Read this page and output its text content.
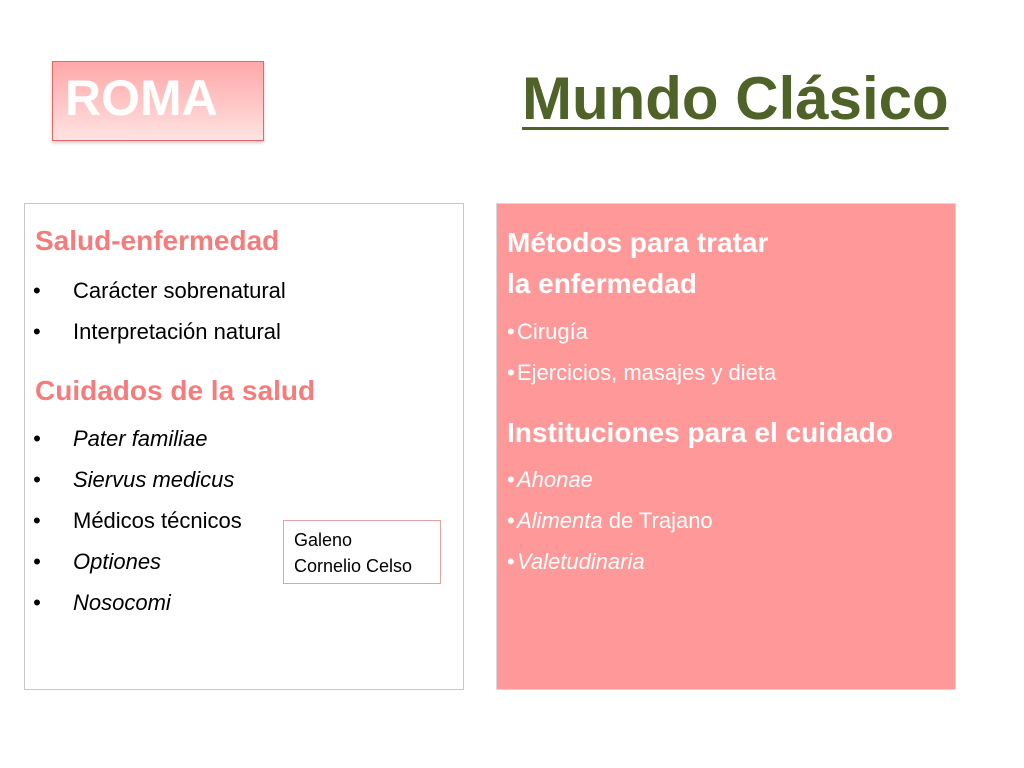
ROMA	Mundo Clásico
Salud-enfermedad
• Carácter sobrenatural
• Interpretación natural
Cuidados de la salud
• Pater familiae
• Siervus medicus
• Médicos técnicos
• Optiones
• Nosocomi
Galeno
Cornelio Celso
Métodos para tratar
la enfermedad
• Cirugía
• Ejercicios, masajes y dieta
Instituciones para el cuidado
• Ahonae
• Alimenta de Trajano
• Valetudinaria
